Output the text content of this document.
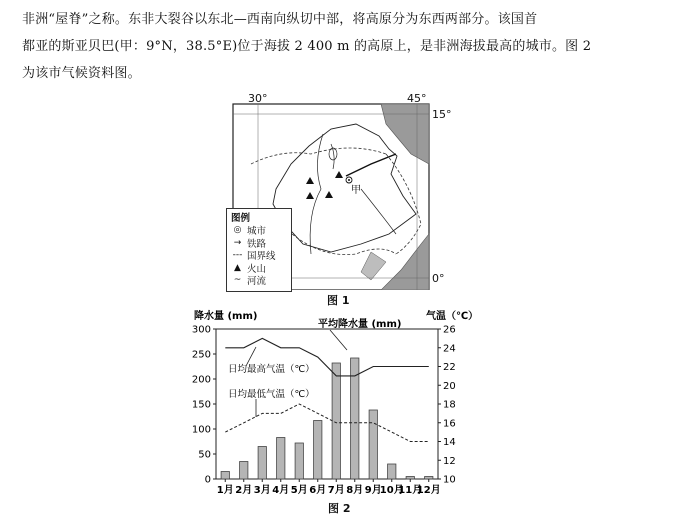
非洲“屋脊”之称。东非大裂谷以东北—西南向纵切中部，将高原分为东西两部分。该国首
都亚的斯亚贝巴(甲：9°N，38.5°E)位于海拔 2 400 m 的高原上，是非洲海拔最高的城市。图 2
为该市气候资料图。
甲
30°	45°
15°
0°
图例
◎ 城市
→ 铁路
--- 国界线
▲ 火山
~ 河流
图 1
降水量 (mm)	气温（℃）
平均降水量 (mm)
日均最高气温（℃）
日均最低气温（℃）
0
50
100
150
200
250
300
10
12
14
16
18
20
22
24
26
1月 2月 3月 4月 5月 6月 7月 8月 9月
10月
11月
12月
图 2
